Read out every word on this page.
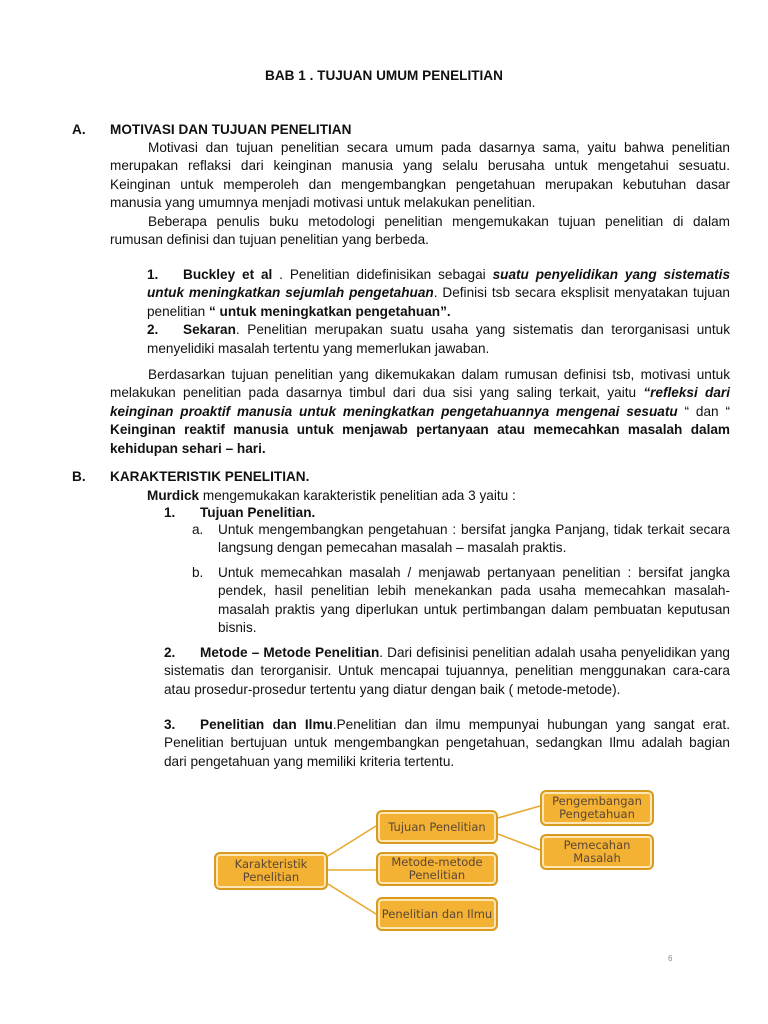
BAB 1 . TUJUAN UMUM PENELITIAN
A. MOTIVASI DAN TUJUAN PENELITIAN

Motivasi dan tujuan penelitian secara umum pada dasarnya sama, yaitu bahwa penelitian merupakan reflaksi dari keinginan manusia yang selalu berusaha untuk mengetahui sesuatu. Keinginan untuk memperoleh dan mengembangkan pengetahuan merupakan kebutuhan dasar manusia yang umumnya menjadi motivasi untuk melakukan penelitian.

Beberapa penulis buku metodologi penelitian mengemukakan tujuan penelitian di dalam rumusan definisi dan tujuan penelitian yang berbeda.

1. Buckley et al . Penelitian didefinisikan sebagai suatu penyelidikan yang sistematis untuk meningkatkan sejumlah pengetahuan. Definisi tsb secara eksplisit menyatakan tujuan penelitian “ untuk meningkatkan pengetahuan”.

2. Sekaran. Penelitian merupakan suatu usaha yang sistematis dan terorganisasi untuk menyelidiki masalah tertentu yang memerlukan jawaban.

Berdasarkan tujuan penelitian yang dikemukakan dalam rumusan definisi tsb, motivasi untuk melakukan penelitian pada dasarnya timbul dari dua sisi yang saling terkait, yaitu “refleksi dari keinginan proaktif manusia untuk meningkatkan pengetahuannya mengenai sesuatu “ dan “ Keinginan reaktif manusia untuk menjawab pertanyaan atau memecahkan masalah dalam kehidupan sehari – hari.

B. KARAKTERISTIK PENELITIAN.
Murdick mengemukakan karakteristik penelitian ada 3 yaitu :
1. Tujuan Penelitian.
a.	Untuk mengembangkan pengetahuan : bersifat jangka Panjang, tidak terkait secara langsung dengan pemecahan masalah – masalah praktis.
b.	Untuk memecahkan masalah / menjawab pertanyaan penelitian : bersifat jangka pendek, hasil penelitian lebih menekankan pada usaha memecahkan masalah-masalah praktis yang diperlukan untuk pertimbangan dalam pembuatan keputusan bisnis.
2. Metode – Metode Penelitian. Dari defisinisi penelitian adalah usaha penyelidikan yang sistematis dan terorganisir. Untuk mencapai tujuannya, penelitian menggunakan cara-cara atau prosedur-prosedur tertentu yang diatur dengan baik ( metode-metode).
3. Penelitian dan Ilmu.Penelitian dan ilmu mempunyai hubungan yang sangat erat. Penelitian bertujuan untuk mengembangkan pengetahuan, sedangkan Ilmu adalah bagian dari pengetahuan yang memiliki kriteria tertentu.
Karakteristik Penelitian
Tujuan Penelitian
Metode-metode Penelitian
Penelitian dan Ilmu
Pengembangan Pengetahuan
Pemecahan Masalah
6
